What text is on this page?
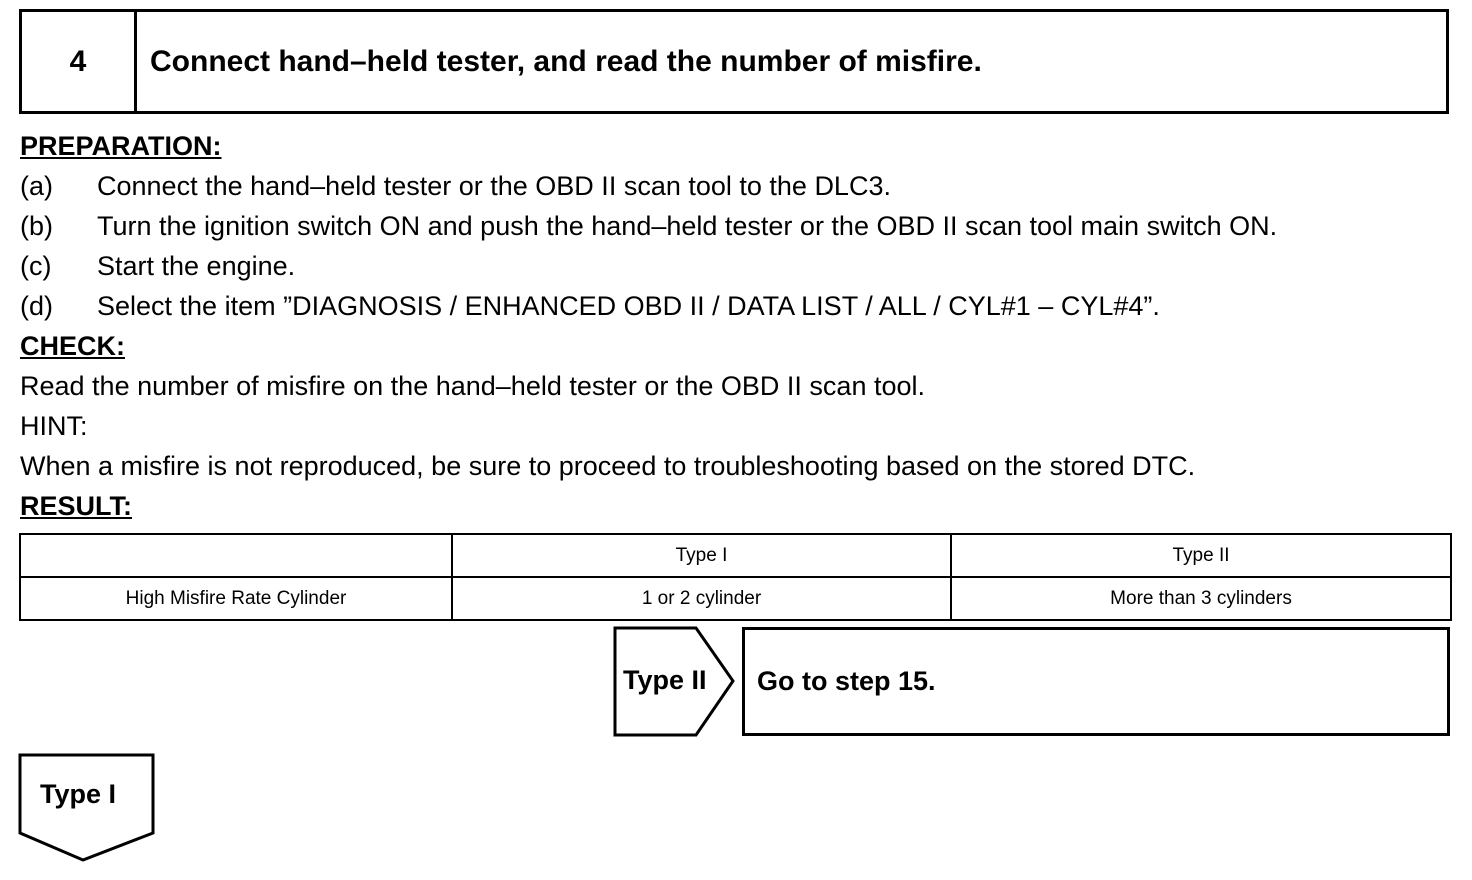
4	Connect hand–held tester, and read the number of misfire.
PREPARATION:
(a) Connect the hand–held tester or the OBD II scan tool to the DLC3.
(b) Turn the ignition switch ON and push the hand–held tester or the OBD II scan tool main switch ON.
(c) Start the engine.
(d) Select the item ”DIAGNOSIS / ENHANCED OBD II / DATA LIST / ALL / CYL#1 – CYL#4”.
CHECK:
Read the number of misfire on the hand–held tester or the OBD II scan tool.
HINT:
When a misfire is not reproduced, be sure to proceed to troubleshooting based on the stored DTC.
RESULT:
	Type I	Type II
High Misfire Rate Cylinder	1 or 2 cylinder	More than 3 cylinders
Type II Go to step 15.
Type I
